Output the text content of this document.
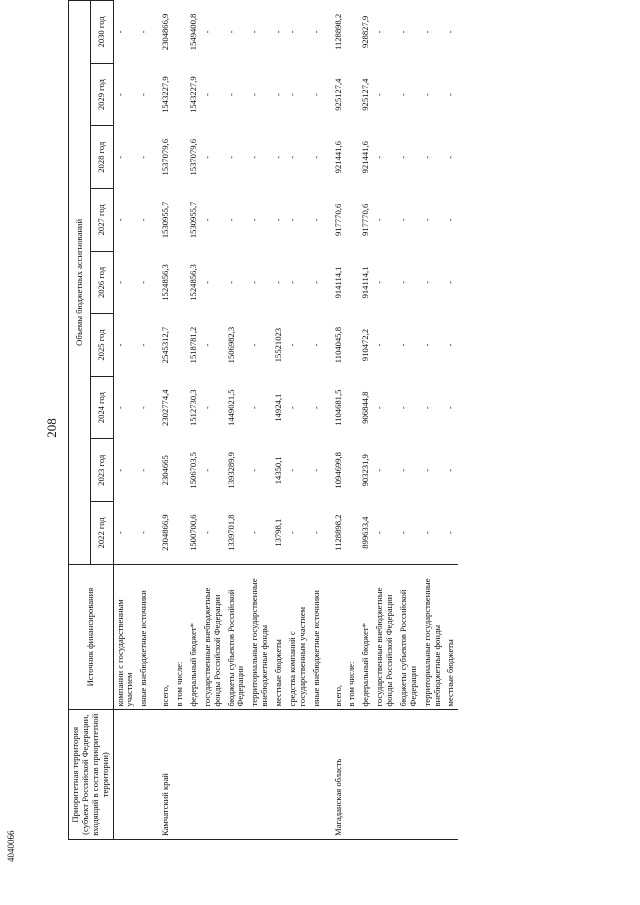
208
4040066
Приоритетная территория (субъект Российской Федерации, входящий в состав приоритетной территории)	Источник финансирования	Объемы бюджетных ассигнований								
		2022 год	2023 год	2024 год	2025 год	2026 год	2027 год	2028 год	2029 год	2030 год
	компании с государственным участием	-	-	-	-	-	-	-	-	-
	иные внебюджетные источники	-	-	-	-	-	-	-	-	-
Камчатский край	всего,	2304866,9	2304665	2302774,4	2545312,7	1524856,3	1530955,7	1537079,6	1543227,9	2304866,9
	в том числе:									
	федеральный бюджет*	1500700,6	1506703,5	1512730,3	1518781,2	1524856,3	1530955,7	1537079,6	1543227,9	1549400,8
	государственные внебюджетные фонды Российской Федерации	-	-	-	-	-	-	-	-	-
	бюджеты субъектов Российской Федерации	1339701,8	1393289,9	1449021,5	1506982,3	-	-	-	-	-
	территориальные государственные внебюджетные фонды	-	-	-	-	-	-	-	-	-
	местные бюджеты	13798,1	14350,1	14924,1	15521023	-	-	-	-	-
	средства компаний с государственным участием	-	-	-	-	-	-	-	-	-
	иные внебюджетные источники	-	-	-	-	-	-	-	-	-
Магаданская область	всего,	1128898,2	1094699,8	1104681,5	1104045,8	914114,1	917770,6	921441,6	925127,4	1128898,2
	в том числе:									
	федеральный бюджет*	899633,4	903231,9	906844,8	910472,2	914114,1	917770,6	921441,6	925127,4	928827,9
	государственные внебюджетные фонды Российской Федерации	-	-	-	-	-	-	-	-	-
	бюджеты субъектов Российской Федерации	-	-	-	-	-	-	-	-	-
	территориальные государственные внебюджетные фонды	-	-	-	-	-	-	-	-	-
	местные бюджеты	-	-	-	-	-	-	-	-	-
